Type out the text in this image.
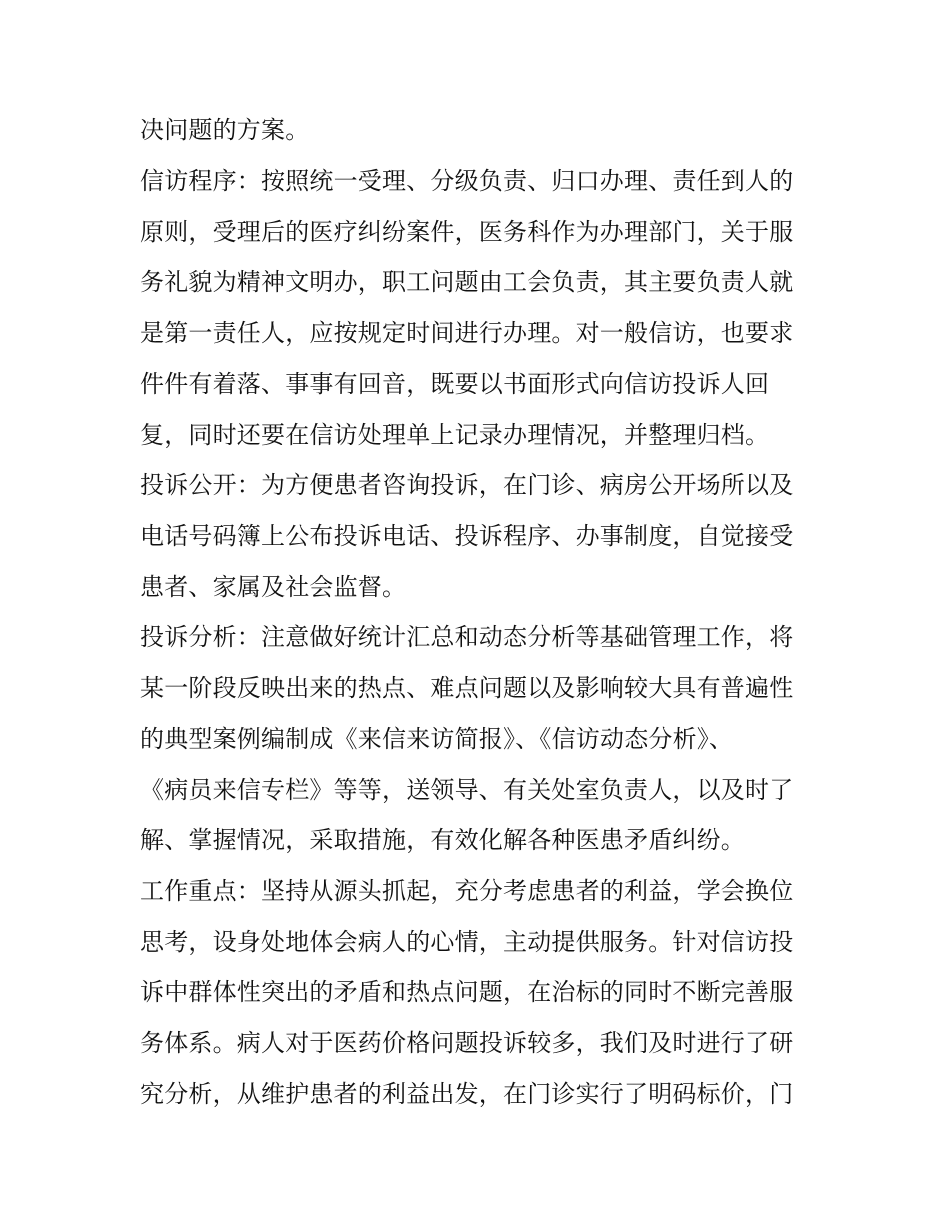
决问题的方案。
信访程序：按照统一受理、分级负责、归口办理、责任到人的
原则，受理后的医疗纠纷案件，医务科作为办理部门，关于服
务礼貌为精神文明办，职工问题由工会负责，其主要负责人就
是第一责任人，应按规定时间进行办理。对一般信访，也要求
件件有着落、事事有回音，既要以书面形式向信访投诉人回
复，同时还要在信访处理单上记录办理情况，并整理归档。
投诉公开：为方便患者咨询投诉，在门诊、病房公开场所以及
电话号码簿上公布投诉电话、投诉程序、办事制度，自觉接受
患者、家属及社会监督。
投诉分析：注意做好统计汇总和动态分析等基础管理工作，将
某一阶段反映出来的热点、难点问题以及影响较大具有普遍性
的典型案例编制成《来信来访简报》、《信访动态分析》、
《病员来信专栏》等等，送领导、有关处室负责人，以及时了
解、掌握情况，采取措施，有效化解各种医患矛盾纠纷。
工作重点：坚持从源头抓起，充分考虑患者的利益，学会换位
思考，设身处地体会病人的心情，主动提供服务。针对信访投
诉中群体性突出的矛盾和热点问题，在治标的同时不断完善服
务体系。病人对于医药价格问题投诉较多，我们及时进行了研
究分析，从维护患者的利益出发，在门诊实行了明码标价，门
